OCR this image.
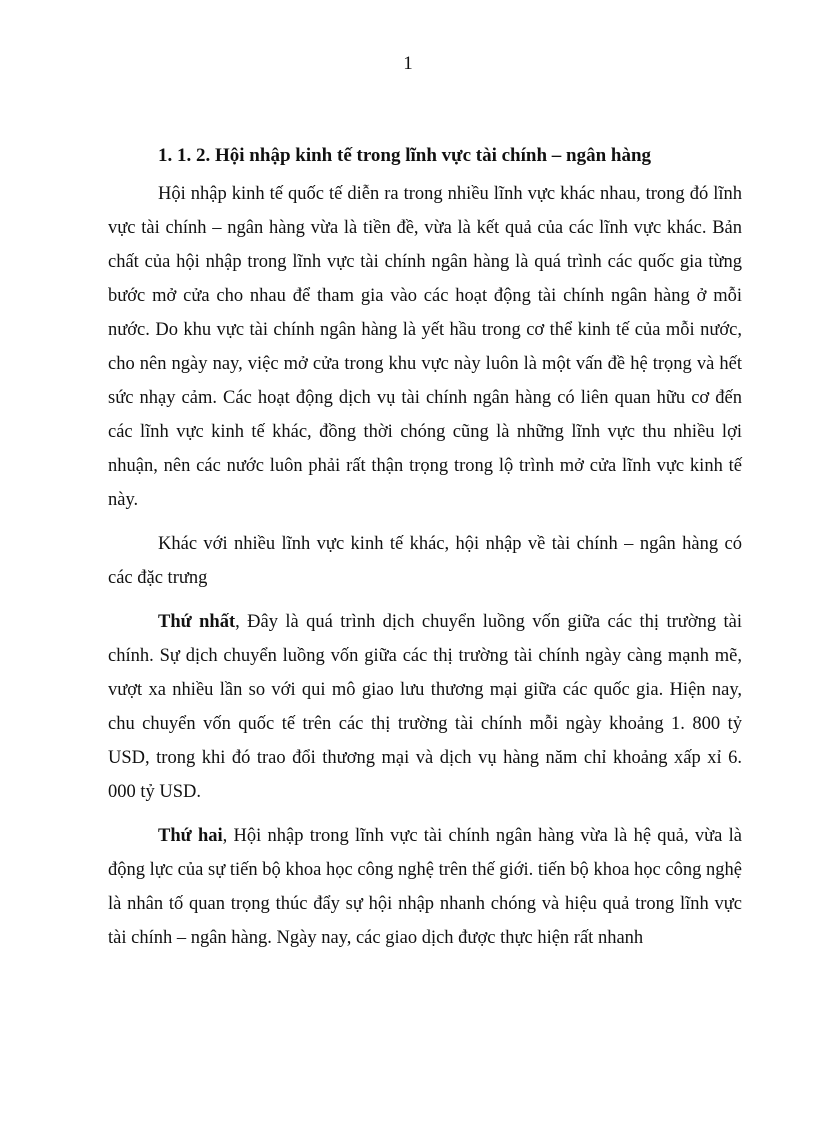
1
1. 1. 2. Hội nhập kinh tế trong lĩnh vực tài chính – ngân hàng

Hội nhập kinh tế quốc tế diễn ra trong nhiều lĩnh vực khác nhau, trong đó lĩnh vực tài chính – ngân hàng vừa là tiền đề, vừa là kết quả của các lĩnh vực khác. Bản chất của hội nhập trong lĩnh vực tài chính ngân hàng là quá trình các quốc gia từng bước mở cửa cho nhau để tham gia vào các hoạt động tài chính ngân hàng ở mỗi nước. Do khu vực tài chính ngân hàng là yết hầu trong cơ thể kinh tế của mỗi nước, cho nên ngày nay, việc mở cửa trong khu vực này luôn là một vấn đề hệ trọng và hết sức nhạy cảm. Các hoạt động dịch vụ tài chính ngân hàng có liên quan hữu cơ đến các lĩnh vực kinh tế khác, đồng thời chóng cũng là những lĩnh vực thu nhiều lợi nhuận, nên các nước luôn phải rất thận trọng trong lộ trình mở cửa lĩnh vực kinh tế này.

Khác với nhiều lĩnh vực kinh tế khác, hội nhập về tài chính – ngân hàng có các đặc trưng

Thứ nhất, Đây là quá trình dịch chuyển luồng vốn giữa các thị trường tài chính. Sự dịch chuyển luồng vốn giữa các thị trường tài chính ngày càng mạnh mẽ, vượt xa nhiều lần so với qui mô giao lưu thương mại giữa các quốc gia. Hiện nay, chu chuyển vốn quốc tế trên các thị trường tài chính mỗi ngày khoảng 1. 800 tỷ USD, trong khi đó trao đổi thương mại và dịch vụ hàng năm chỉ khoảng xấp xỉ 6. 000 tỷ USD.

Thứ hai, Hội nhập trong lĩnh vực tài chính ngân hàng vừa là hệ quả, vừa là động lực của sự tiến bộ khoa học công nghệ trên thế giới. tiến bộ khoa học công nghệ là nhân tố quan trọng thúc đẩy sự hội nhập nhanh chóng và hiệu quả trong lĩnh vực tài chính – ngân hàng. Ngày nay, các giao dịch được thực hiện rất nhanh
